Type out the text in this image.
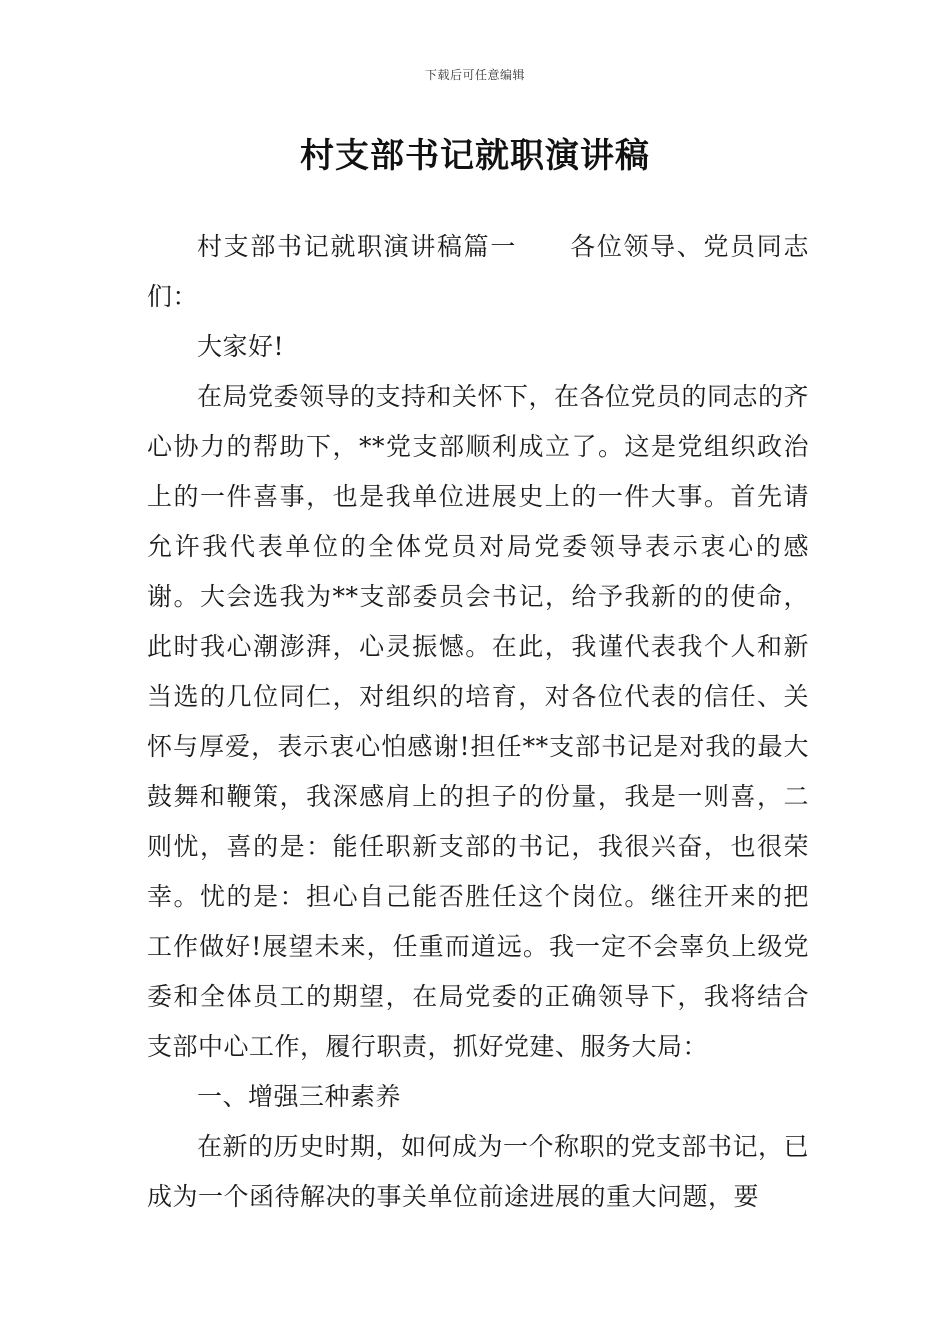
下载后可任意编辑
村支部书记就职演讲稿

村支部书记就职演讲稿篇一 各位领导、党员同志们：

大家好!

在局党委领导的支持和关怀下，在各位党员的同志的齐心协力的帮助下，**党支部顺利成立了。这是党组织政治上的一件喜事，也是我单位进展史上的一件大事。首先请允许我代表单位的全体党员对局党委领导表示衷心的感谢。大会选我为**支部委员会书记，给予我新的的使命，此时我心潮澎湃，心灵振憾。在此，我谨代表我个人和新当选的几位同仁，对组织的培育，对各位代表的信任、关怀与厚爱，表示衷心怕感谢!担任**支部书记是对我的最大鼓舞和鞭策，我深感肩上的担子的份量，我是一则喜，二则忧，喜的是：能任职新支部的书记，我很兴奋，也很荣幸。忧的是：担心自己能否胜任这个岗位。继往开来的把工作做好!展望未来，任重而道远。我一定不会辜负上级党委和全体员工的期望，在局党委的正确领导下，我将结合支部中心工作，履行职责，抓好党建、服务大局：

一、增强三种素养

在新的历史时期，如何成为一个称职的党支部书记，已成为一个函待解决的事关单位前途进展的重大问题，要
